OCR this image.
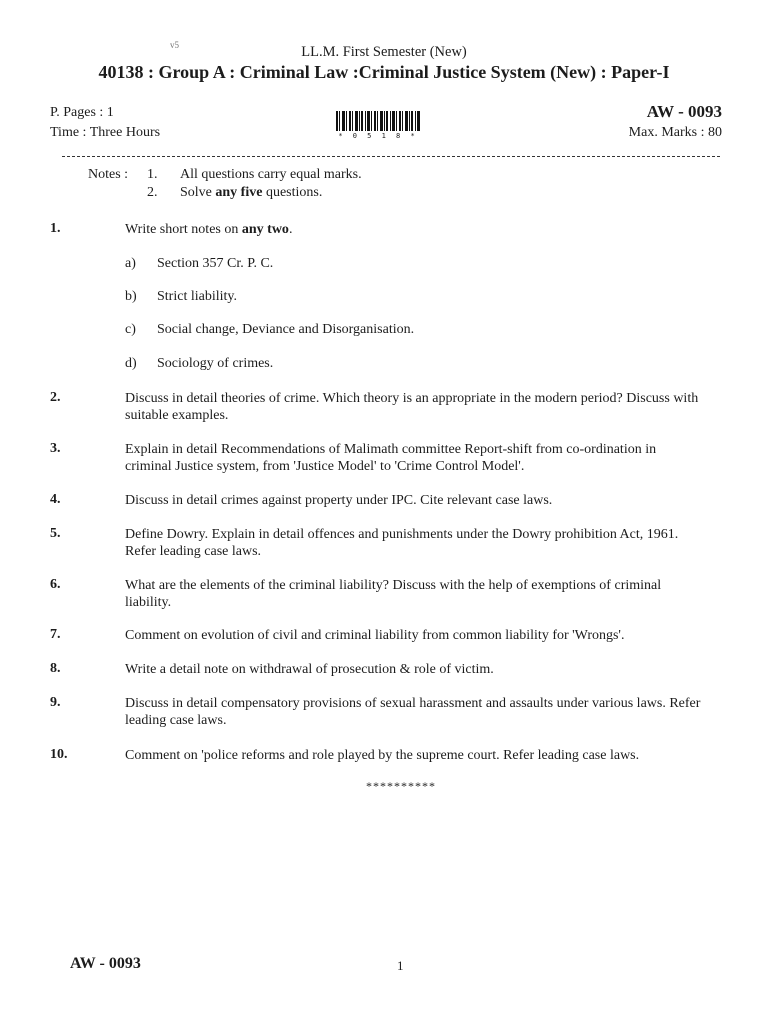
v5	LL.M. First Semester (New)
40138 : Group A : Criminal Law :Criminal Justice System (New) : Paper-I
P. Pages : 1
Time : Three Hours	* 0 5 1 8 *
AW - 0093
Max. Marks : 80
Notes : 1. All questions carry equal marks.
2. Solve any five questions.
1.	Write short notes on any two.
a) Section 357 Cr. P. C.
b) Strict liability.
c) Social change, Deviance and Disorganisation.
d) Sociology of crimes.
2.	Discuss in detail theories of crime. Which theory is an appropriate in the modern period? Discuss with suitable examples.
3.	Explain in detail Recommendations of Malimath committee Report-shift from co-ordination in criminal Justice system, from 'Justice Model' to 'Crime Control Model'.
4.	Discuss in detail crimes against property under IPC. Cite relevant case laws.
5.	Define Dowry. Explain in detail offences and punishments under the Dowry prohibition Act, 1961. Refer leading case laws.
6.	What are the elements of the criminal liability? Discuss with the help of exemptions of criminal liability.
7.	Comment on evolution of civil and criminal liability from common liability for 'Wrongs'.
8.	Write a detail note on withdrawal of prosecution & role of victim.
9.	Discuss in detail compensatory provisions of sexual harassment and assaults under various laws. Refer leading case laws.
10.	Comment on 'police reforms and role played by the supreme court. Refer leading case laws.
**********
AW - 0093	1
